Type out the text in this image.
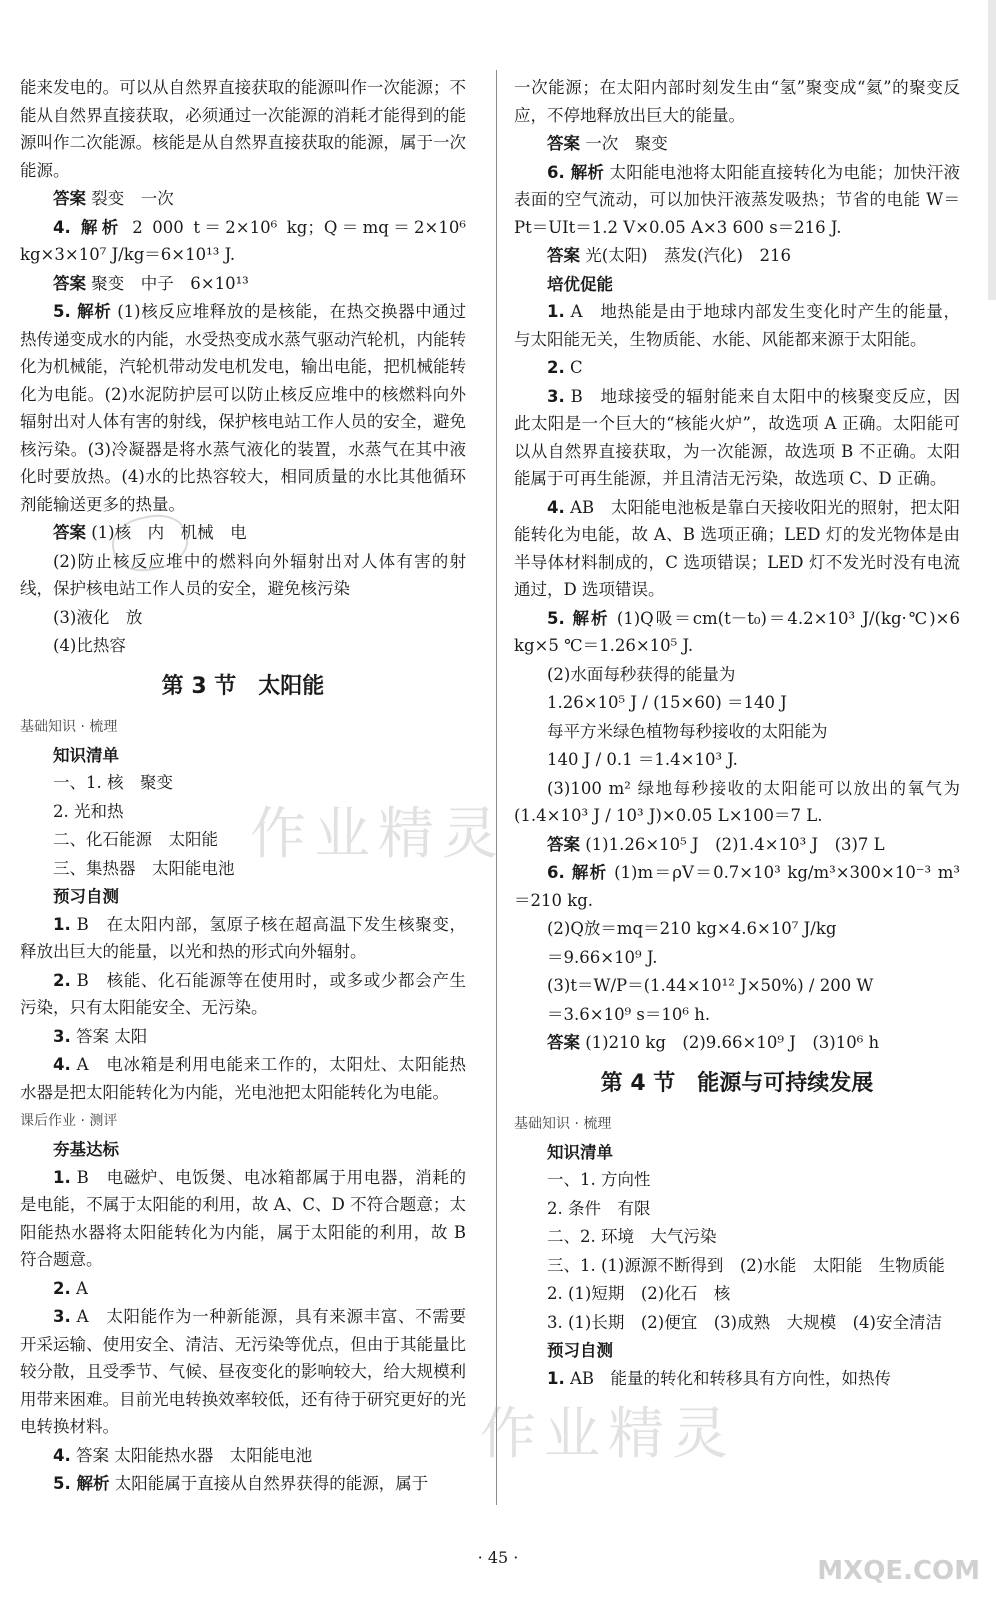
能来发电的。可以从自然界直接获取的能源叫作一次能源；不能从自然界直接获取，必须通过一次能源的消耗才能得到的能源叫作二次能源。核能是从自然界直接获取的能源，属于一次能源。
答案 裂变　一次
4. 解析 2 000 t＝2×10⁶ kg；Q＝mq＝2×10⁶ kg×3×10⁷ J/kg＝6×10¹³ J.
答案 聚变　中子　6×10¹³
5. 解析 (1)核反应堆释放的是核能，在热交换器中通过热传递变成水的内能，水受热变成水蒸气驱动汽轮机，内能转化为机械能，汽轮机带动发电机发电，输出电能，把机械能转化为电能。(2)水泥防护层可以防止核反应堆中的核燃料向外辐射出对人体有害的射线，保护核电站工作人员的安全，避免核污染。(3)冷凝器是将水蒸气液化的装置，水蒸气在其中液化时要放热。(4)水的比热容较大，相同质量的水比其他循环剂能输送更多的热量。
答案 (1)核　内　机械　电
(2)防止核反应堆中的燃料向外辐射出对人体有害的射线，保护核电站工作人员的安全，避免核污染
(3)液化　放
(4)比热容
第 3 节　太阳能
基础知识 · 梳理
知识清单
一、1. 核　聚变
2. 光和热
二、化石能源　太阳能
三、集热器　太阳能电池
预习自测
1. B　在太阳内部，氢原子核在超高温下发生核聚变，释放出巨大的能量，以光和热的形式向外辐射。
2. B　核能、化石能源等在使用时，或多或少都会产生污染，只有太阳能安全、无污染。
3. 答案 太阳
4. A　电冰箱是利用电能来工作的，太阳灶、太阳能热水器是把太阳能转化为内能，光电池把太阳能转化为电能。
课后作业 · 测评
夯基达标
1. B　电磁炉、电饭煲、电冰箱都属于用电器，消耗的是电能，不属于太阳能的利用，故 A、C、D 不符合题意；太阳能热水器将太阳能转化为内能，属于太阳能的利用，故 B 符合题意。
2. A
3. A　太阳能作为一种新能源，具有来源丰富、不需要开采运输、使用安全、清洁、无污染等优点，但由于其能量比较分散，且受季节、气候、昼夜变化的影响较大，给大规模利用带来困难。目前光电转换效率较低，还有待于研究更好的光电转换材料。
4. 答案 太阳能热水器　太阳能电池
5. 解析 太阳能属于直接从自然界获得的能源，属于
一次能源；在太阳内部时刻发生由“氢”聚变成“氦”的聚变反应，不停地释放出巨大的能量。
答案 一次　聚变
6. 解析 太阳能电池将太阳能直接转化为电能；加快汗液表面的空气流动，可以加快汗液蒸发吸热；节省的电能 W＝Pt＝UIt＝1.2 V×0.05 A×3 600 s＝216 J.
答案 光(太阳)　蒸发(汽化)　216
培优促能
1. A　地热能是由于地球内部发生变化时产生的能量，与太阳能无关，生物质能、水能、风能都来源于太阳能。
2. C
3. B　地球接受的辐射能来自太阳中的核聚变反应，因此太阳是一个巨大的“核能火炉”，故选项 A 正确。太阳能可以从自然界直接获取，为一次能源，故选项 B 不正确。太阳能属于可再生能源，并且清洁无污染，故选项 C、D 正确。
4. AB　太阳能电池板是靠白天接收阳光的照射，把太阳能转化为电能，故 A、B 选项正确；LED 灯的发光物体是由半导体材料制成的，C 选项错误；LED 灯不发光时没有电流通过，D 选项错误。
5. 解析 (1)Q吸＝cm(t－t₀)＝4.2×10³ J/(kg·℃)×6 kg×5 ℃＝1.26×10⁵ J.
(2)水面每秒获得的能量为
1.26×10⁵ J / (15×60) ＝140 J
每平方米绿色植物每秒接收的太阳能为
140 J / 0.1 ＝1.4×10³ J.
(3)100 m² 绿地每秒接收的太阳能可以放出的氧气为 (1.4×10³ J / 10³ J)×0.05 L×100＝7 L.
答案 (1)1.26×10⁵ J　(2)1.4×10³ J　(3)7 L
6. 解析 (1)m＝ρV＝0.7×10³ kg/m³×300×10⁻³ m³＝210 kg.
(2)Q放＝mq＝210 kg×4.6×10⁷ J/kg
＝9.66×10⁹ J.
(3)t＝W/P＝(1.44×10¹² J×50%) / 200 W
＝3.6×10⁹ s＝10⁶ h.
答案 (1)210 kg　(2)9.66×10⁹ J　(3)10⁶ h
第 4 节　能源与可持续发展
基础知识 · 梳理
知识清单
一、1. 方向性
2. 条件　有限
二、2. 环境　大气污染
三、1. (1)源源不断得到　(2)水能　太阳能　生物质能
2. (1)短期　(2)化石　核
3. (1)长期　(2)便宜　(3)成熟　大规模　(4)安全清洁
预习自测
1. AB　能量的转化和转移具有方向性，如热传
作业精灵
作业精灵
MXQE.COM
· 45 ·
